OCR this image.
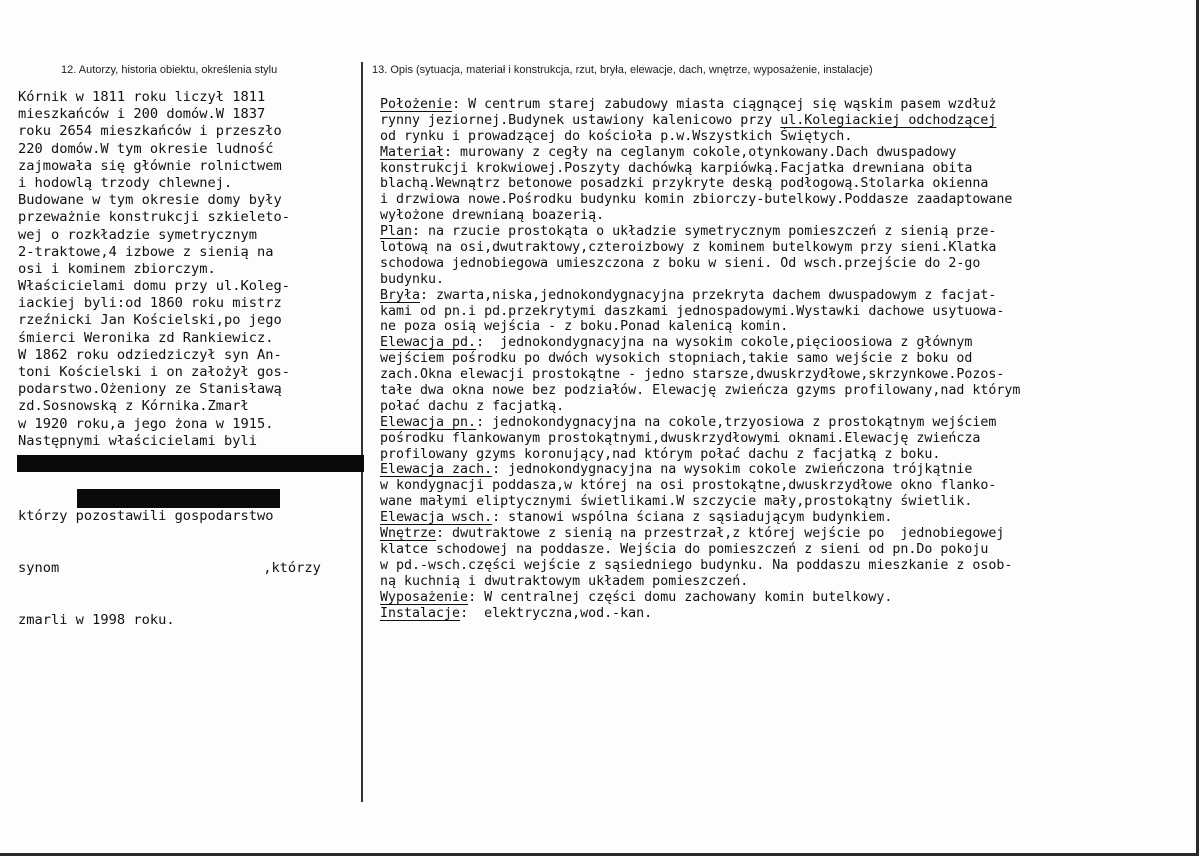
12. Autorzy, historia obiektu, określenia stylu	13. Opis (sytuacja, materiał i konstrukcja, rzut, bryła, elewacje, dach, wnętrze, wyposażenie, instalacje)
Kórnik w 1811 roku liczył 1811
mieszkańców i 200 domów.W 1837
roku 2654 mieszkańców i przeszło
220 domów.W tym okresie ludność
zajmowała się głównie rolnictwem
i hodowlą trzody chlewnej.
Budowane w tym okresie domy były
przeważnie konstrukcji szkieleto-
wej o rozkładzie symetrycznym
2-traktowe,4 izbowe z sienią na
osi i kominem zbiorczym.
Właścicielami domu przy ul.Koleg-
iackiej byli:od 1860 roku mistrz
rzeźnicki Jan Kościelski,po jego
śmierci Weronika zd Rankiewicz.
W 1862 roku odziedziczył syn An-
toni Kościelski i on założył gos-
podarstwo.Ożeniony ze Stanisławą
zd.Sosnowską z Kórnika.Zmarł
w 1920 roku,a jego żona w 1915.
Następnymi właścicielami byli

którzy pozostawili gospodarstwo

synom	,którzy

zmarli w 1998 roku.

Położenie: W centrum starej zabudowy miasta ciągnącej się wąskim pasem wzdłuż
rynny jeziornej.Budynek ustawiony kalenicowo przy ul.Kolegiackiej odchodzącej
od rynku i prowadzącej do kościoła p.w.Wszystkich Świętych.
Materiał: murowany z cegły na ceglanym cokole,otynkowany.Dach dwuspadowy
konstrukcji krokwiowej.Poszyty dachówką karpiówką.Facjatka drewniana obita
blachą.Wewnątrz betonowe posadzki przykryte deską podłogową.Stolarka okienna
i drzwiowa nowe.Pośrodku budynku komin zbiorczy-butelkowy.Poddasze zaadaptowane
wyłożone drewnianą boazerią.
Plan: na rzucie prostokąta o układzie symetrycznym pomieszczeń z sienią prze-
lotową na osi,dwutraktowy,czteroizbowy z kominem butelkowym przy sieni.Klatka
schodowa jednobiegowa umieszczona z boku w sieni. Od wsch.przejście do 2-go
budynku.
Bryła: zwarta,niska,jednokondygnacyjna przekryta dachem dwuspadowym z facjat-
kami od pn.i pd.przekrytymi daszkami jednospadowymi.Wystawki dachowe usytuowa-
ne poza osią wejścia - z boku.Ponad kalenicą komin.
Elewacja pd.:  jednokondygnacyjna na wysokim cokole,pięcioosiowa z głównym
wejściem pośrodku po dwóch wysokich stopniach,takie samo wejście z boku od
zach.Okna elewacji prostokątne - jedno starsze,dwuskrzydłowe,skrzynkowe.Pozos-
tałe dwa okna nowe bez podziałów. Elewację zwieńcza gzyms profilowany,nad którym
połać dachu z facjatką.
Elewacja pn.: jednokondygnacyjna na cokole,trzyosiowa z prostokątnym wejściem
pośrodku flankowanym prostokątnymi,dwuskrzydłowymi oknami.Elewację zwieńcza
profilowany gzyms koronujący,nad którym połać dachu z facjatką z boku.
Elewacja zach.: jednokondygnacyjna na wysokim cokole zwieńczona trójkątnie
w kondygnacji poddasza,w której na osi prostokątne,dwuskrzydłowe okno flanko-
wane małymi eliptycznymi świetlikami.W szczycie mały,prostokątny świetlik.
Elewacja wsch.: stanowi wspólna ściana z sąsiadującym budynkiem.
Wnętrze: dwutraktowe z sienią na przestrzał,z której wejście po  jednobiegowej
klatce schodowej na poddasze. Wejścia do pomieszczeń z sieni od pn.Do pokoju
w pd.-wsch.części wejście z sąsiedniego budynku. Na poddaszu mieszkanie z osob-
ną kuchnią i dwutraktowym układem pomieszczeń.
Wyposażenie: W centralnej części domu zachowany komin butelkowy.
Instalacje:  elektryczna,wod.-kan.
